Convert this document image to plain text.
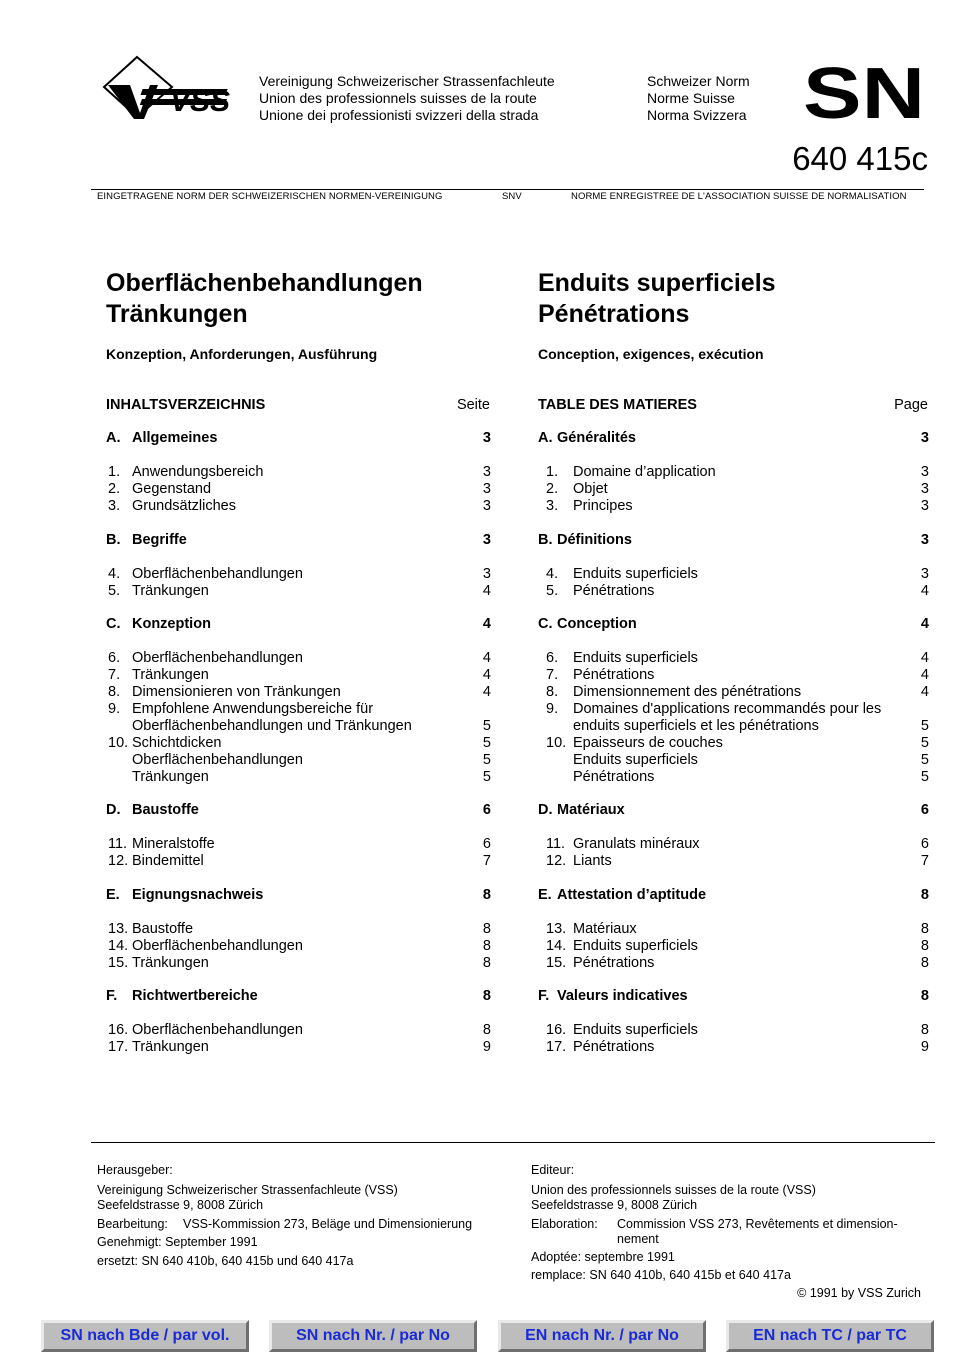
VSS
Vereinigung Schweizerischer Strassenfachleute
Union des professionnels suisses de la route
Unione dei professionisti svizzeri della strada
Schweizer Norm
Norme Suisse
Norma Svizzera SN
640 415c
EINGETRAGENE NORM DER SCHWEIZERISCHEN NORMEN-VEREINIGUNG	SNV	NORME ENREGISTREE DE L'ASSOCIATION SUISSE DE NORMALISATION
Oberflächenbehandlungen
Tränkungen
Enduits superficiels
Pénétrations
Konzeption, Anforderungen, Ausführung	Conception, exigences, exécution
INHALTSVERZEICHNIS	Seite	TABLE DES MATIERES	Page
A. Allgemeines	3
1. Anwendungsbereich	3
2. Gegenstand	3
3. Grundsätzliches	3
B. Begriffe	3
4. Oberflächenbehandlungen	3
5. Tränkungen	4
C. Konzeption	4
6. Oberflächenbehandlungen	4
7. Tränkungen	4
8. Dimensionieren von Tränkungen	4
9. Empfohlene Anwendungsbereiche für
Oberflächenbehandlungen und Tränkungen	5
10. Schichtdicken	5
Oberflächenbehandlungen	5
Tränkungen	5
D. Baustoffe	6
11. Mineralstoffe	6
12. Bindemittel	7
E. Eignungsnachweis	8
13. Baustoffe	8
14. Oberflächenbehandlungen	8
15. Tränkungen	8
F. Richtwertbereiche	8
16. Oberflächenbehandlungen	8
17. Tränkungen	9
A. Généralités	3
1. Domaine d’application	3
2. Objet	3
3. Principes	3
B. Définitions	3
4. Enduits superficiels	3
5. Pénétrations	4
C. Conception	4
6. Enduits superficiels	4
7. Pénétrations	4
8. Dimensionnement des pénétrations	4
9. Domaines d'applications recommandés pour les
enduits superficiels et les pénétrations	5
10. Epaisseurs de couches	5
Enduits superficiels	5
Pénétrations	5
D. Matériaux	6
11. Granulats minéraux	6
12. Liants	7
E. Attestation d’aptitude	8
13. Matériaux	8
14. Enduits superficiels	8
15. Pénétrations	8
F. Valeurs indicatives	8
16. Enduits superficiels	8
17. Pénétrations	9
Herausgeber:
Vereinigung Schweizerischer Strassenfachleute (VSS)
Seefeldstrasse 9, 8008 Zürich
Bearbeitung: VSS-Kommission 273, Beläge und Dimensionierung
Genehmigt: September 1991
ersetzt: SN 640 410b, 640 415b und 640 417a
Editeur:
Union des professionnels suisses de la route (VSS)
Seefeldstrasse 9, 8008 Zürich
Elaboration: Commission VSS 273, Revêtements et dimension-
nement
Adoptée: septembre 1991
remplace: SN 640 410b, 640 415b et 640 417a
© 1991 by VSS Zurich
SN nach Bde / par vol.	SN nach Nr. / par No	EN nach Nr. / par No	EN nach TC / par TC
